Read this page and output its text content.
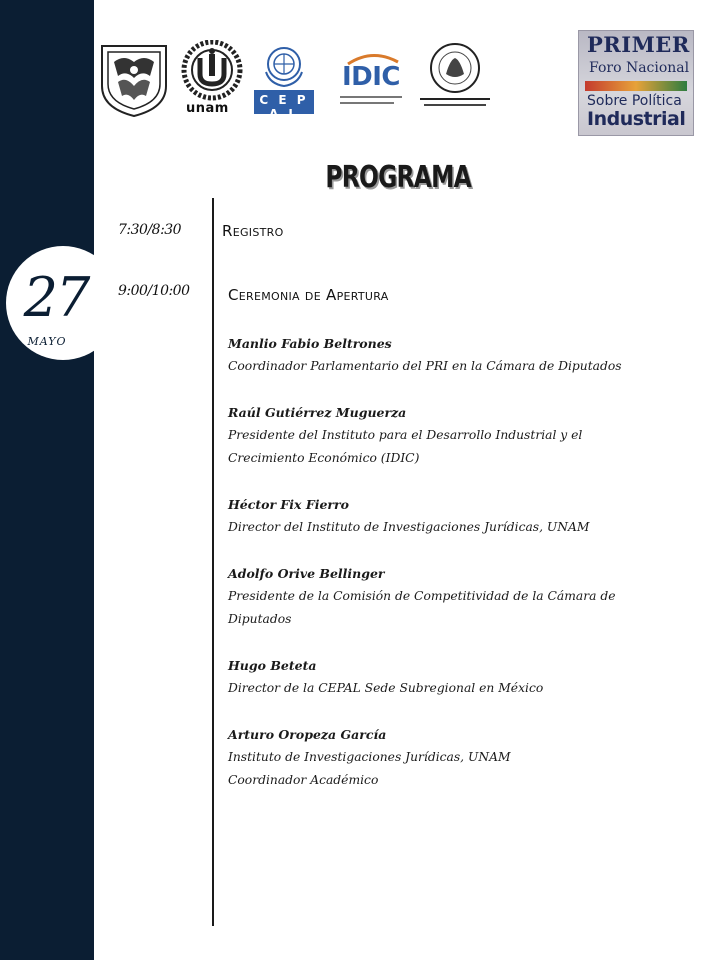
27
MAYO
unam
C E P A L
IDIC
PRIMER
Foro Nacional
Sobre Política
Industrial
PROGRAMA
7:30/8:30	Registro
9:00/10:00	Ceremonia de Apertura
Manlio Fabio Beltrones
Coordinador Parlamentario del PRI en la Cámara de Diputados
Raúl Gutiérrez Muguerza
Presidente del Instituto para el Desarrollo Industrial y el
Crecimiento Económico (IDIC)
Héctor Fix Fierro
Director del Instituto de Investigaciones Jurídicas, UNAM
Adolfo Orive Bellinger
Presidente de la Comisión de Competitividad de la Cámara de
Diputados
Hugo Beteta
Director de la CEPAL Sede Subregional en México
Arturo Oropeza García
Instituto de Investigaciones Jurídicas, UNAM
Coordinador Académico
